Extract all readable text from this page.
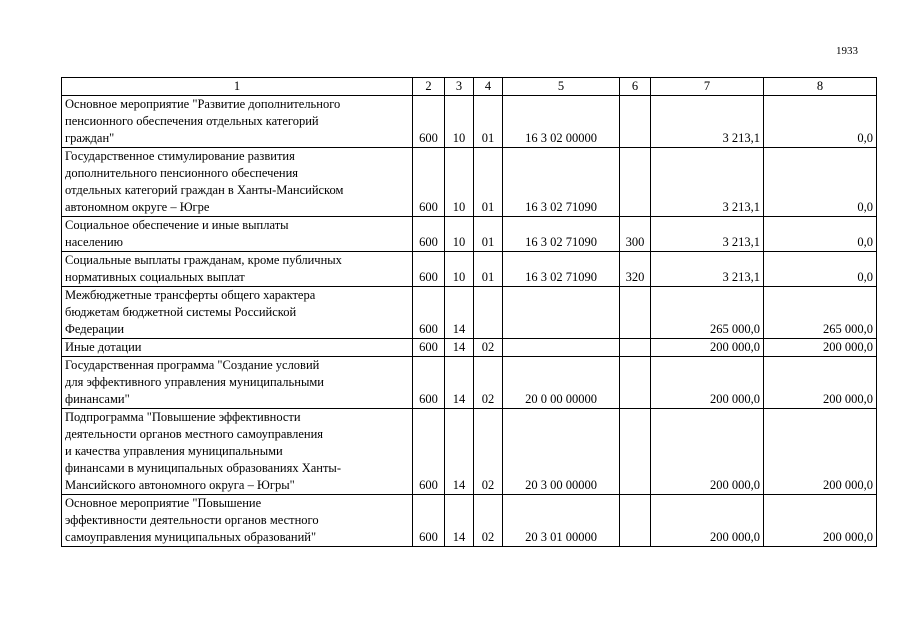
1933
1	2	3	4	5	6	7	8
Основное мероприятие "Развитие дополнительного
пенсионного обеспечения отдельных категорий
граждан"	600	10	01	16 3 02 00000		3 213,1	0,0
Государственное стимулирование развития
дополнительного пенсионного обеспечения
отдельных категорий граждан в Ханты-Мансийском
автономном округе – Югре	600	10	01	16 3 02 71090		3 213,1	0,0
Социальное обеспечение и иные выплаты
населению	600	10	01	16 3 02 71090	300	3 213,1	0,0
Социальные выплаты гражданам, кроме публичных
нормативных социальных выплат	600	10	01	16 3 02 71090	320	3 213,1	0,0
Межбюджетные трансферты общего характера
бюджетам бюджетной системы Российской
Федерации	600	14				265 000,0	265 000,0
Иные дотации	600	14	02			200 000,0	200 000,0
Государственная программа "Создание условий
для эффективного управления муниципальными
финансами"	600	14	02	20 0 00 00000		200 000,0	200 000,0
Подпрограмма "Повышение эффективности
деятельности органов местного самоуправления
и качества управления муниципальными
финансами в муниципальных образованиях Ханты-
Мансийского автономного округа – Югры"	600	14	02	20 3 00 00000		200 000,0	200 000,0
Основное мероприятие "Повышение
эффективности деятельности органов местного
самоуправления муниципальных образований"	600	14	02	20 3 01 00000		200 000,0	200 000,0
